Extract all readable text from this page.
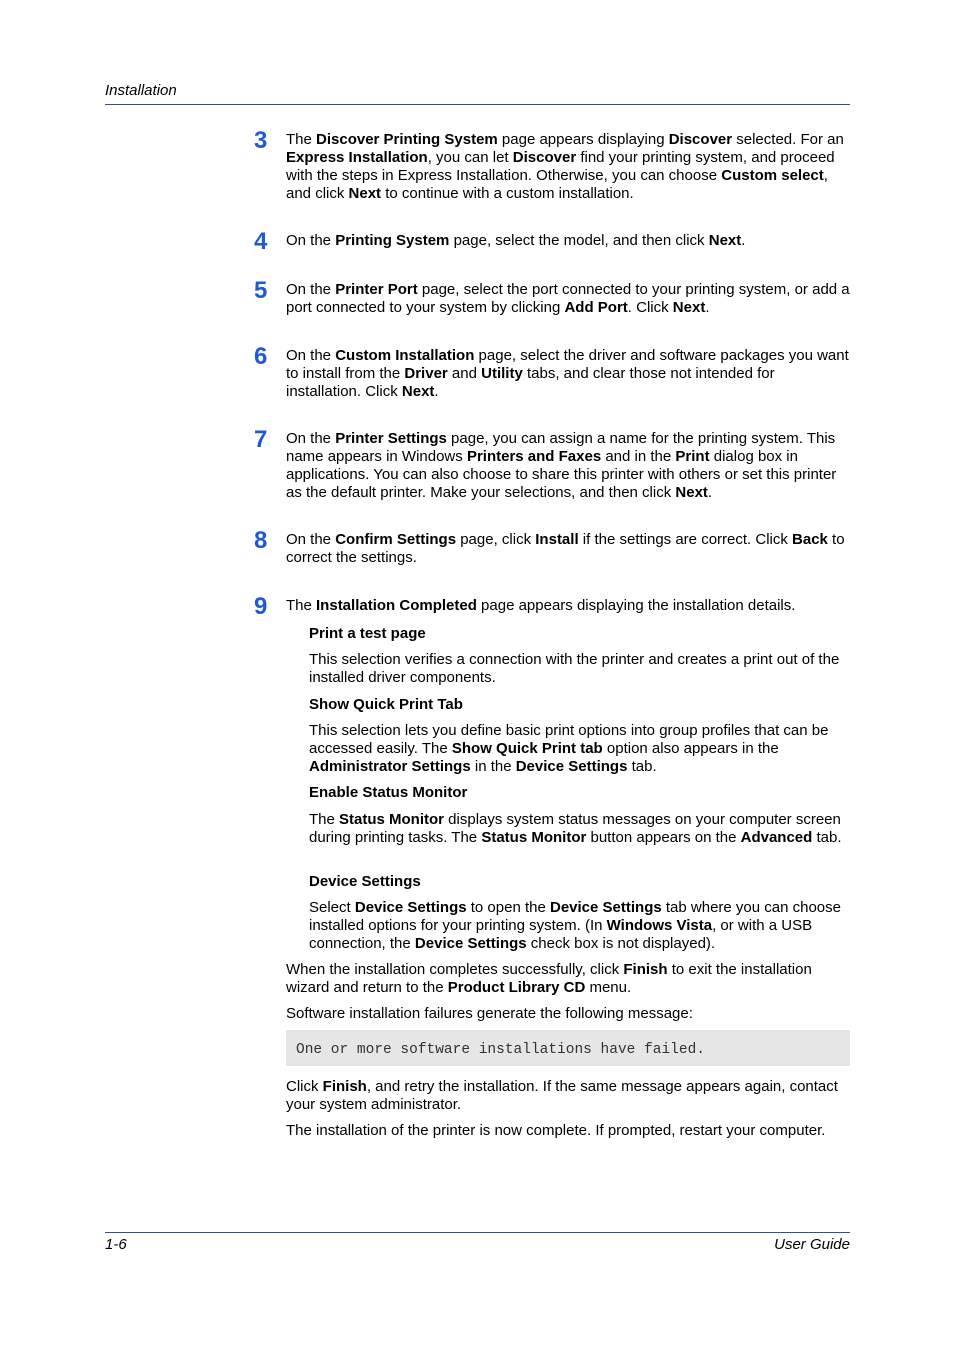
Installation
3 The Discover Printing System page appears displaying Discover selected. For an Express Installation, you can let Discover find your printing system, and proceed with the steps in Express Installation. Otherwise, you can choose Custom select, and click Next to continue with a custom installation.
4 On the Printing System page, select the model, and then click Next.
5 On the Printer Port page, select the port connected to your printing system, or add a port connected to your system by clicking Add Port. Click Next.
6 On the Custom Installation page, select the driver and software packages you want to install from the Driver and Utility tabs, and clear those not intended for installation. Click Next.
7 On the Printer Settings page, you can assign a name for the printing system. This name appears in Windows Printers and Faxes and in the Print dialog box in applications. You can also choose to share this printer with others or set this printer as the default printer. Make your selections, and then click Next.
8 On the Confirm Settings page, click Install if the settings are correct. Click Back to correct the settings.
9 The Installation Completed page appears displaying the installation details.
Print a test page
This selection verifies a connection with the printer and creates a print out of the installed driver components.
Show Quick Print Tab
This selection lets you define basic print options into group profiles that can be accessed easily. The Show Quick Print tab option also appears in the Administrator Settings in the Device Settings tab.
Enable Status Monitor
The Status Monitor displays system status messages on your computer screen during printing tasks. The Status Monitor button appears on the Advanced tab.
Device Settings
Select Device Settings to open the Device Settings tab where you can choose installed options for your printing system. (In Windows Vista, or with a USB connection, the Device Settings check box is not displayed).
When the installation completes successfully, click Finish to exit the installation wizard and return to the Product Library CD menu.
Software installation failures generate the following message:
One or more software installations have failed.
Click Finish, and retry the installation. If the same message appears again, contact your system administrator.
The installation of the printer is now complete. If prompted, restart your computer.
1-6	User Guide
